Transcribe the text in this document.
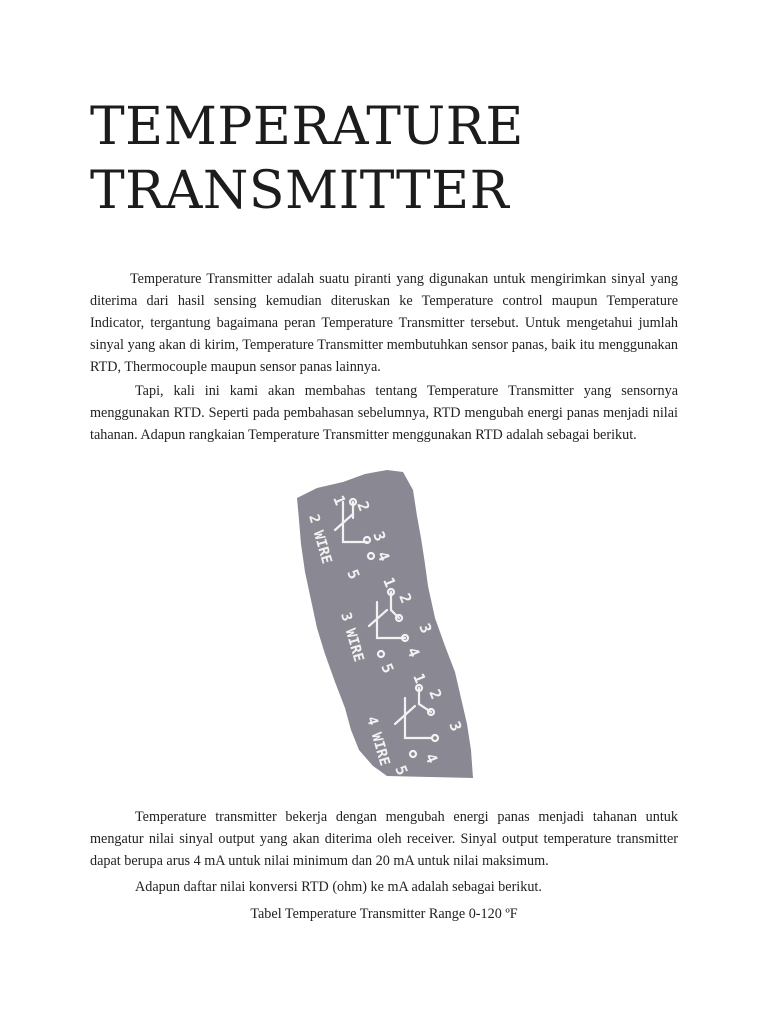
TEMPERATURE TRANSMITTER

Temperature Transmitter adalah suatu piranti yang digunakan untuk mengirimkan sinyal yang diterima dari hasil sensing kemudian diteruskan ke Temperature control maupun Temperature Indicator, tergantung bagaimana peran Temperature Transmitter tersebut. Untuk mengetahui jumlah sinyal yang akan di kirim, Temperature Transmitter membutuhkan sensor panas, baik itu menggunakan RTD, Thermocouple maupun sensor panas lainnya.

Tapi, kali ini kami akan membahas tentang Temperature Transmitter yang sensornya menggunakan RTD. Seperti pada pembahasan sebelumnya, RTD mengubah energi panas menjadi nilai tahanan. Adapun rangkaian Temperature Transmitter menggunakan RTD adalah sebagai berikut.

1 2
3
4
5
1
2
3
4
5
1
2
3
4
5
2 WIRE
3 WIRE
4 WIRE

Temperature transmitter bekerja dengan mengubah energi panas menjadi tahanan untuk mengatur nilai sinyal output yang akan diterima oleh receiver. Sinyal output temperature transmitter dapat berupa arus 4 mA untuk nilai minimum dan 20 mA untuk nilai maksimum.

Adapun daftar nilai konversi RTD (ohm) ke mA adalah sebagai berikut.

Tabel Temperature Transmitter Range 0-120 ºF
